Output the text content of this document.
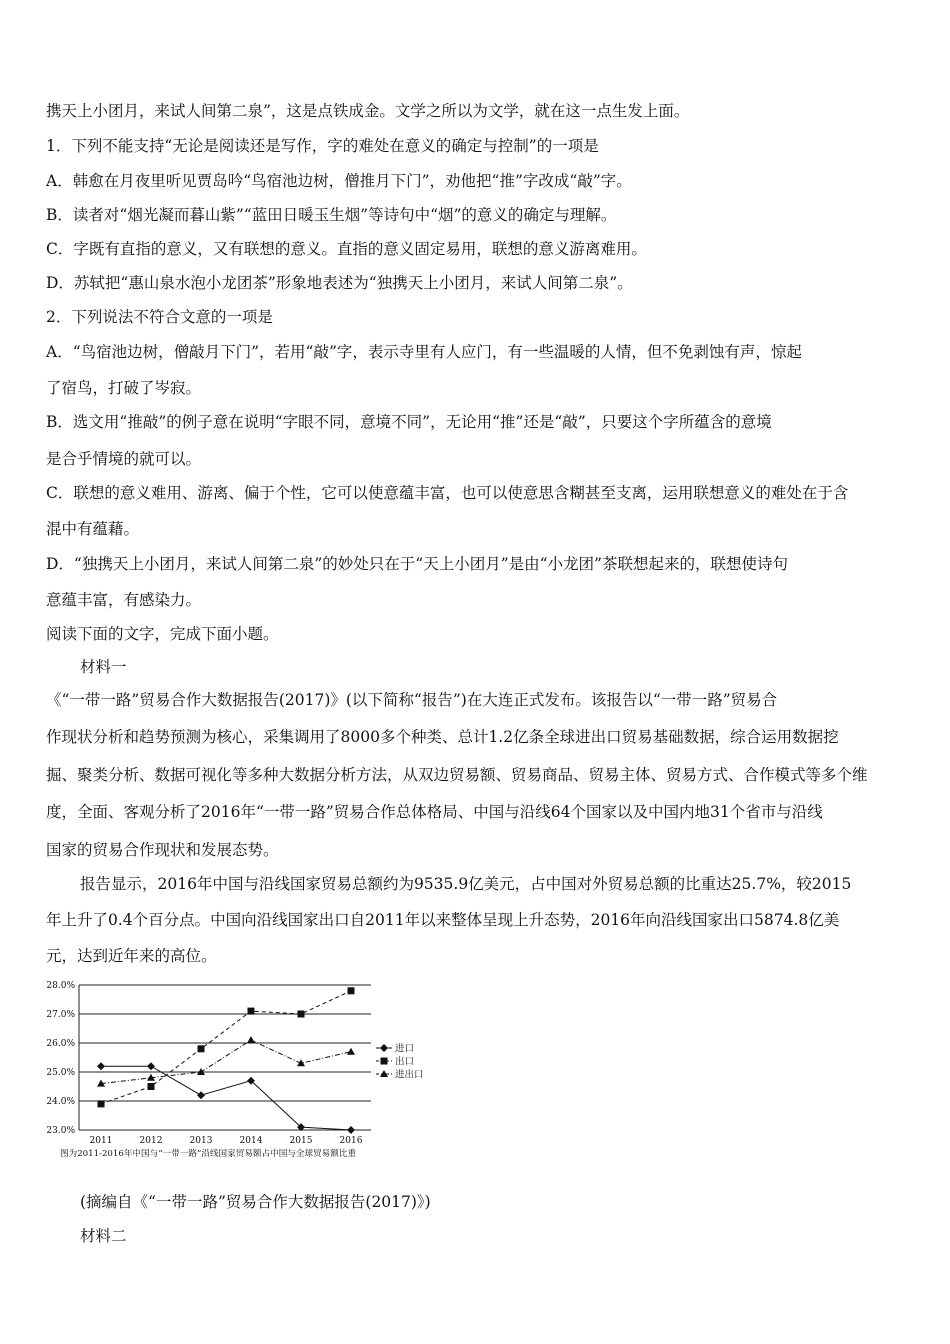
携天上小团月，来试人间第二泉”，这是点铁成金。文学之所以为文学，就在这一点生发上面。
1．下列不能支持“无论是阅读还是写作，字的难处在意义的确定与控制”的一项是
A．韩愈在月夜里听见贾岛吟“鸟宿池边树，僧推月下门”，劝他把“推”字改成“敲”字。
B．读者对“烟光凝而暮山紫”“蓝田日暖玉生烟”等诗句中“烟”的意义的确定与理解。
C．字既有直指的意义，又有联想的意义。直指的意义固定易用，联想的意义游离难用。
D．苏轼把“惠山泉水泡小龙团茶”形象地表述为“独携天上小团月，来试人间第二泉”。
2．下列说法不符合文意的一项是
A．“鸟宿池边树，僧敲月下门”，若用“敲”字，表示寺里有人应门，有一些温暖的人情，但不免剥蚀有声，惊起
了宿鸟，打破了岑寂。
B．选文用“推敲”的例子意在说明“字眼不同，意境不同”，无论用“推”还是“敲”，只要这个字所蕴含的意境
是合乎情境的就可以。
C．联想的意义难用、游离、偏于个性，它可以使意蕴丰富，也可以使意思含糊甚至支离，运用联想意义的难处在于含
混中有蕴藉。
D．“独携天上小团月，来试人间第二泉”的妙处只在于“天上小团月”是由“小龙团”茶联想起来的，联想使诗句
意蕴丰富，有感染力。
阅读下面的文字，完成下面小题。
材料一
《“一带一路”贸易合作大数据报告(2017)》(以下简称“报告”)在大连正式发布。该报告以“一带一路”贸易合
作现状分析和趋势预测为核心，采集调用了8000多个种类、总计1.2亿条全球进出口贸易基础数据，综合运用数据挖
掘、聚类分析、数据可视化等多种大数据分析方法，从双边贸易额、贸易商品、贸易主体、贸易方式、合作模式等多个维
度，全面、客观分析了2016年“一带一路”贸易合作总体格局、中国与沿线64个国家以及中国内地31个省市与沿线
国家的贸易合作现状和发展态势。
报告显示，2016年中国与沿线国家贸易总额约为9535.9亿美元，占中国对外贸易总额的比重达25.7%，较2015
年上升了0.4个百分点。中国向沿线国家出口自2011年以来整体呈现上升态势，2016年向沿线国家出口5874.8亿美
元，达到近年来的高位。
23.0%
24.0%
25.0%
26.0%
27.0%
28.0%
2011	2012	2013	2014	2015	2016
进口
出口
进出口
图为2011-2016年中国与“一带一路”沿线国家贸易额占中国与全球贸易额比重
(摘编自《“一带一路”贸易合作大数据报告(2017)》)
材料二
